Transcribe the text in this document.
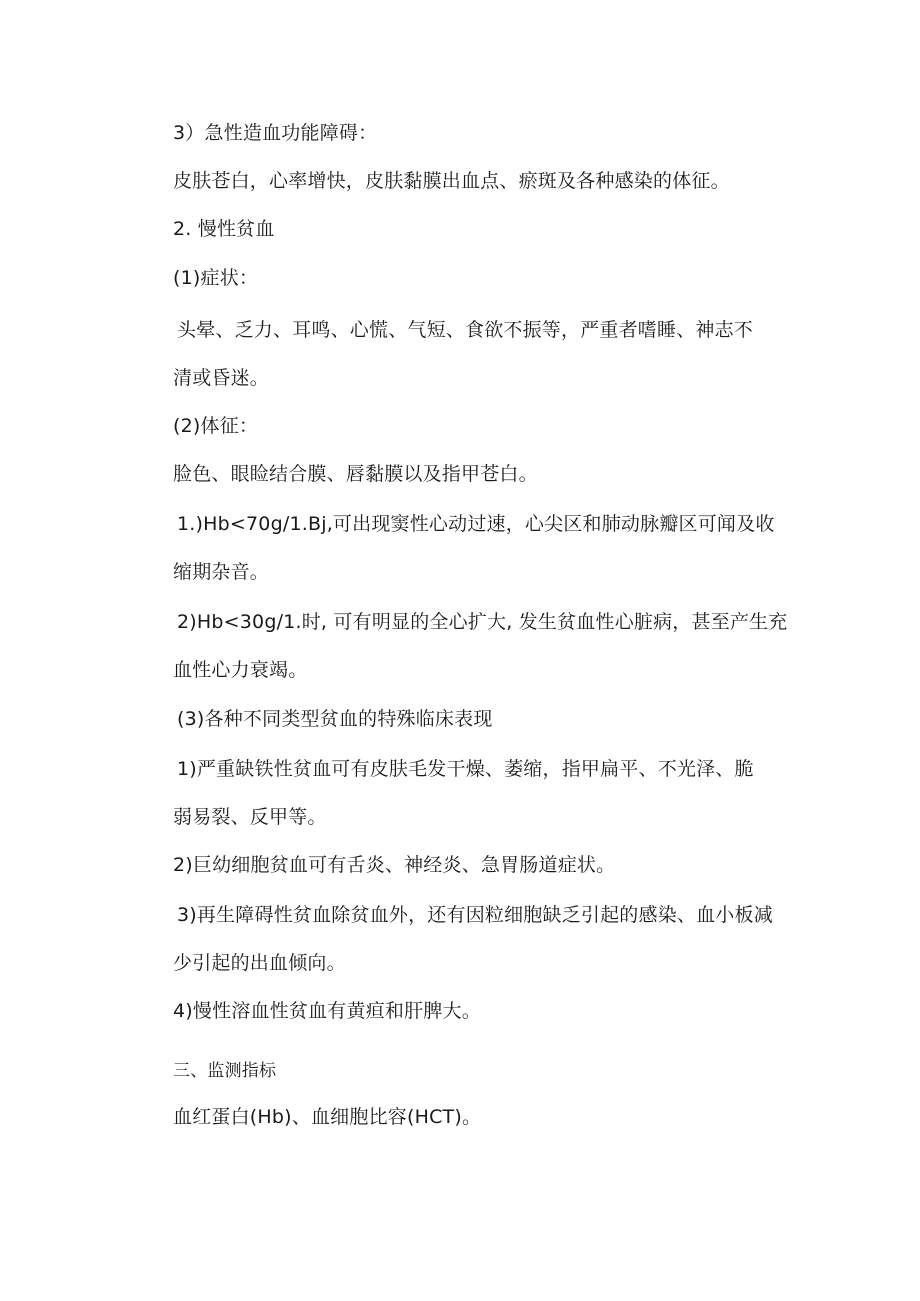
3）急性造血功能障碍：
皮肤苍白，心率增快，皮肤黏膜出血点、瘀斑及各种感染的体征。
2. 慢性贫血
(1)症状：
头晕、乏力、耳鸣、心慌、气短、食欲不振等，严重者嗜睡、神志不
清或昏迷。
(2)体征：
脸色、眼睑结合膜、唇黏膜以及指甲苍白。
1.)Hb<70g∕1.Bj,可出现窦性心动过速，心尖区和肺动脉瓣区可闻及收
缩期杂音。
2)Hb<30g∕1.时, 可有明显的全心扩大, 发生贫血性心脏病，甚至产生充
血性心力衰竭。
(3)各种不同类型贫血的特殊临床表现
1)严重缺铁性贫血可有皮肤毛发干燥、萎缩，指甲扁平、不光泽、脆
弱易裂、反甲等。
2)巨幼细胞贫血可有舌炎、神经炎、急胃肠道症状。
3)再生障碍性贫血除贫血外，还有因粒细胞缺乏引起的感染、血小板减
少引起的出血倾向。
4)慢性溶血性贫血有黄疸和肝脾大。
三、监测指标
血红蛋白(Hb)、血细胞比容(HCT)。
